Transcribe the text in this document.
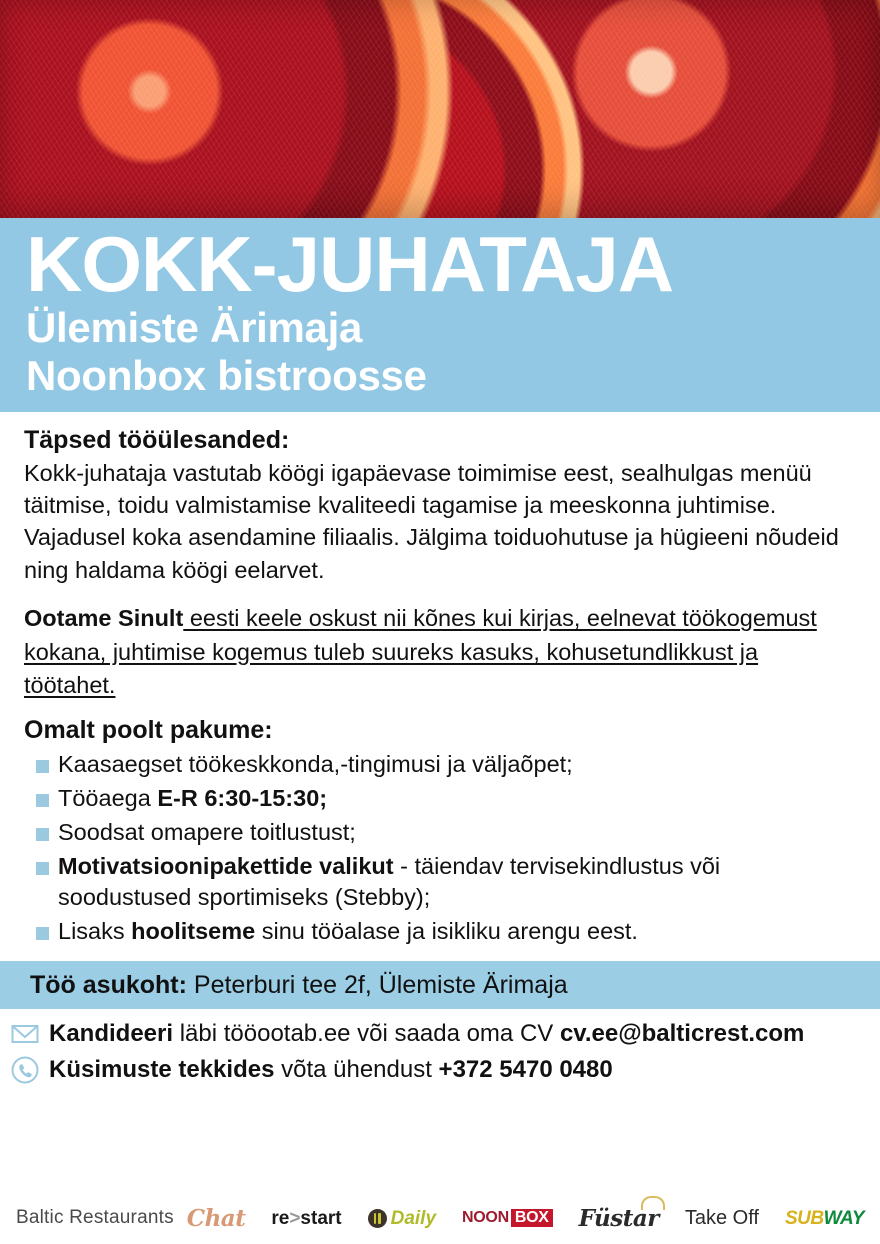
KOKK-JUHATAJA
Ülemiste Ärimaja
Noonbox bistroosse
Täpsed tööülesanded:

Kokk-juhataja vastutab köögi igapäevase toimimise eest, sealhulgas menüü täitmise, toidu valmistamise kvaliteedi tagamise ja meeskonna juhtimise. Vajadusel koka asendamine filiaalis. Jälgima toiduohutuse ja hügieeni nõudeid ning haldama köögi eelarvet.

Ootame Sinult eesti keele oskust nii kõnes kui kirjas, eelnevat töökogemust kokana, juhtimise kogemus tuleb suureks kasuks, kohusetundlikkust ja töötahet.
Omalt poolt pakume:
Kaasaegset töökeskkonda,-tingimusi ja väljaõpet;
Tööaega E-R 6:30-15:30;
Soodsat omapere toitlustust;
Motivatsioonipakettide valikut - täiendav tervisekindlustus või soodustused sportimiseks (Stebby);
Lisaks hoolitseme sinu tööalase ja isikliku arengu eest.
Töö asukoht: Peterburi tee 2f, Ülemiste Ärimaja
Kandideeri läbi tööootab.ee või saada oma CV cv.ee@balticrest.com
Küsimuste tekkides võta ühendust +372 5470 0480
Baltic Restaurants Chat re > start	Daily NOON BOX Füstar Take Off SUB WAY
